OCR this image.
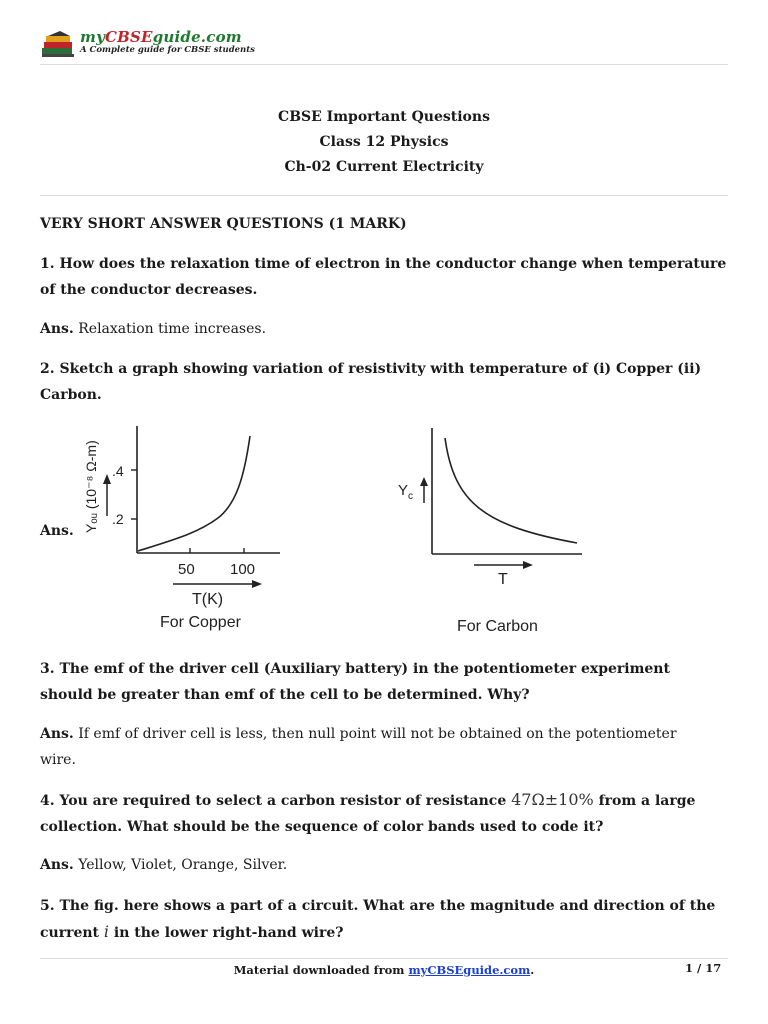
myCBSEguide.com
A Complete guide for CBSE students
CBSE Important Questions
Class 12 Physics
Ch-02 Current Electricity
VERY SHORT ANSWER QUESTIONS (1 MARK)
1. How does the relaxation time of electron in the conductor change when temperature
of the conductor decreases.
Ans. Relaxation time increases.
2. Sketch a graph showing variation of resistivity with temperature of (i) Copper (ii)
Carbon.
Ans. Yₒᵤ (10⁻⁸ Ω-m) .4
.2
50 100
T(K)
For Copper
$Y_c$
T
For Carbon
3. The emf of the driver cell (Auxiliary battery) in the potentiometer experiment
should be greater than emf of the cell to be determined. Why?
Ans. If emf of driver cell is less, then null point will not be obtained on the potentiometer
wire.
4. You are required to select a carbon resistor of resistance 47Ω±10% from a large
collection. What should be the sequence of color bands used to code it?
Ans. Yellow, Violet, Orange, Silver.
5. The fig. here shows a part of a circuit. What are the magnitude and direction of the
current i in the lower right-hand wire?
Material downloaded from myCBSEguide.com.	1 / 17
